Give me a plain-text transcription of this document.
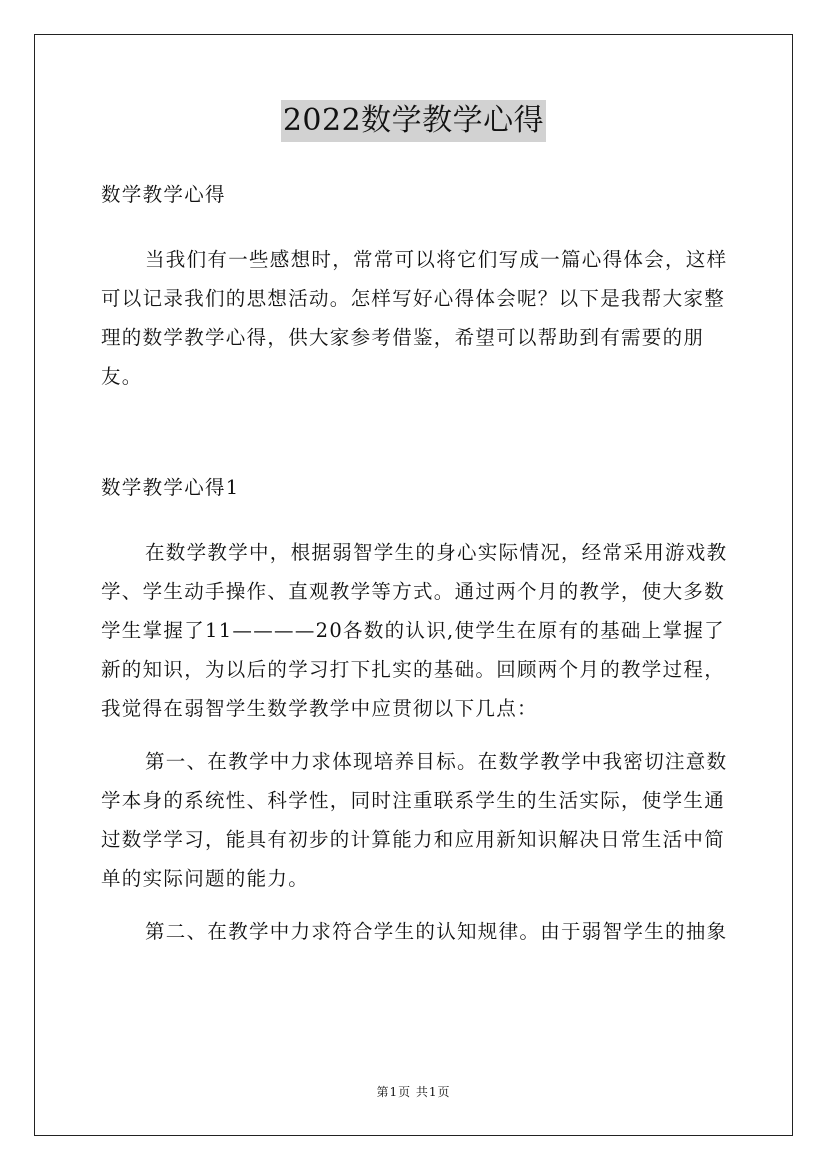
2022数学教学心得

数学教学心得

当我们有一些感想时，常常可以将它们写成一篇心得体会，这样可以记录我们的思想活动。怎样写好心得体会呢？以下是我帮大家整理的数学教学心得，供大家参考借鉴，希望可以帮助到有需要的朋友。

数学教学心得1

在数学教学中，根据弱智学生的身心实际情况，经常采用游戏教学、学生动手操作、直观教学等方式。通过两个月的教学，使大多数学生掌握了11————20各数的认识,使学生在原有的基础上掌握了新的知识，为以后的学习打下扎实的基础。回顾两个月的教学过程，我觉得在弱智学生数学教学中应贯彻以下几点：

第一、在教学中力求体现培养目标。在数学教学中我密切注意数学本身的系统性、科学性，同时注重联系学生的生活实际，使学生通过数学学习，能具有初步的计算能力和应用新知识解决日常生活中简单的实际问题的能力。

第二、在教学中力求符合学生的认知规律。由于弱智学生的抽象

第1页 共1页
